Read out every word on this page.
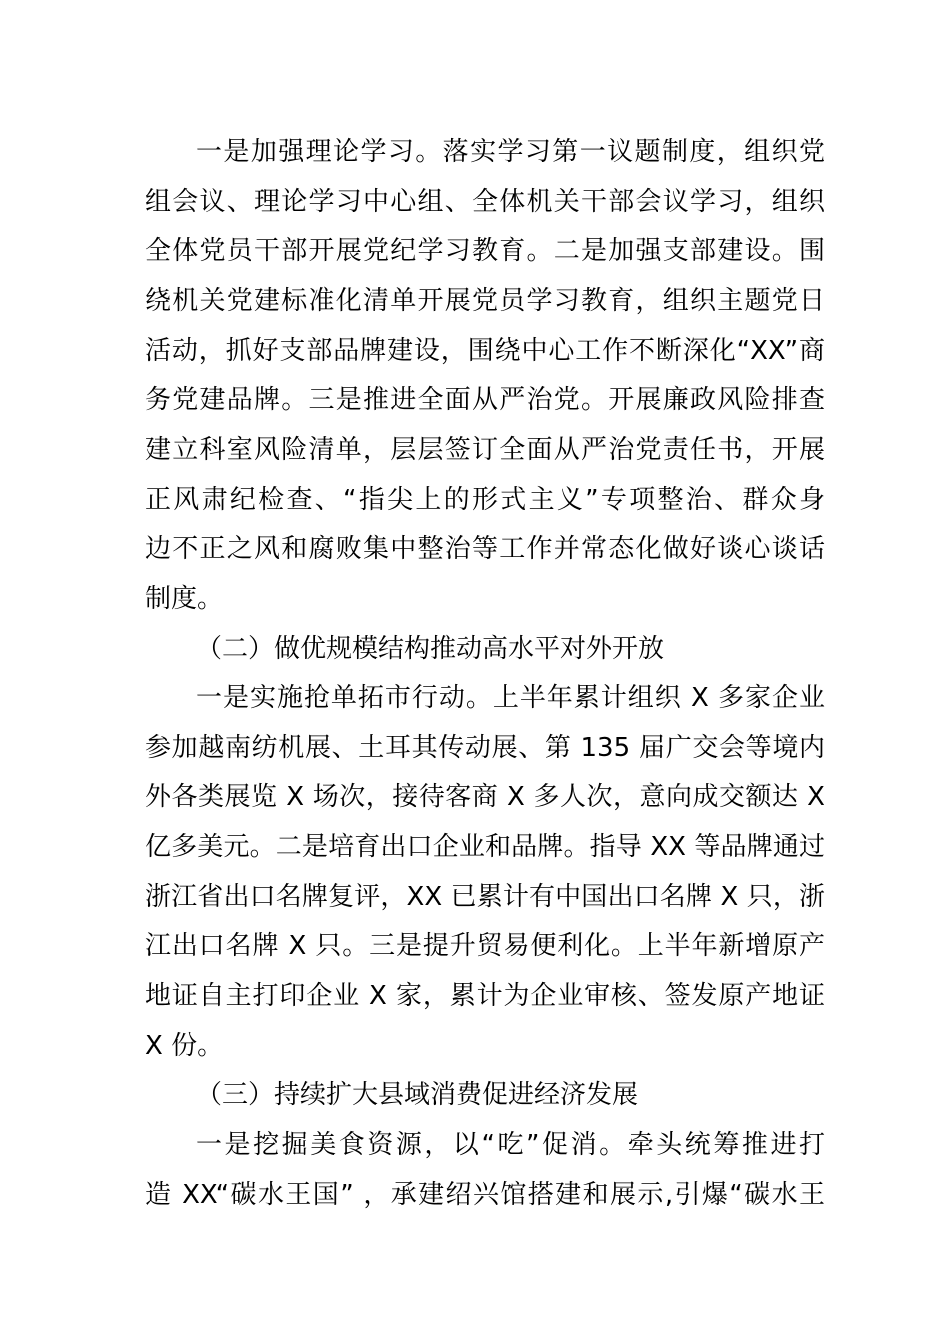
一是加强理论学习。落实学习第一议题制度，组织党
组会议、理论学习中心组、全体机关干部会议学习，组织
全体党员干部开展党纪学习教育。二是加强支部建设。围
绕机关党建标准化清单开展党员学习教育，组织主题党日
活动，抓好支部品牌建设，围绕中心工作不断深化“XX”商
务党建品牌。三是推进全面从严治党。开展廉政风险排查
建立科室风险清单，层层签订全面从严治党责任书，开展
正风肃纪检查、“指尖上的形式主义”专项整治、群众身
边不正之风和腐败集中整治等工作并常态化做好谈心谈话
制度。
（二）做优规模结构推动高水平对外开放
一是实施抢单拓市行动。上半年累计组织 X 多家企业
参加越南纺机展、土耳其传动展、第 135 届广交会等境内
外各类展览 X 场次，接待客商 X 多人次，意向成交额达 X
亿多美元。二是培育出口企业和品牌。指导 XX 等品牌通过
浙江省出口名牌复评，XX 已累计有中国出口名牌 X 只，浙
江出口名牌 X 只。三是提升贸易便利化。上半年新增原产
地证自主打印企业 X 家，累计为企业审核、签发原产地证
X 份。
（三）持续扩大县域消费促进经济发展
一是挖掘美食资源，以“吃”促消。牵头统筹推进打
造 XX“碳水王国” ，承建绍兴馆搭建和展示,引爆“碳水王
